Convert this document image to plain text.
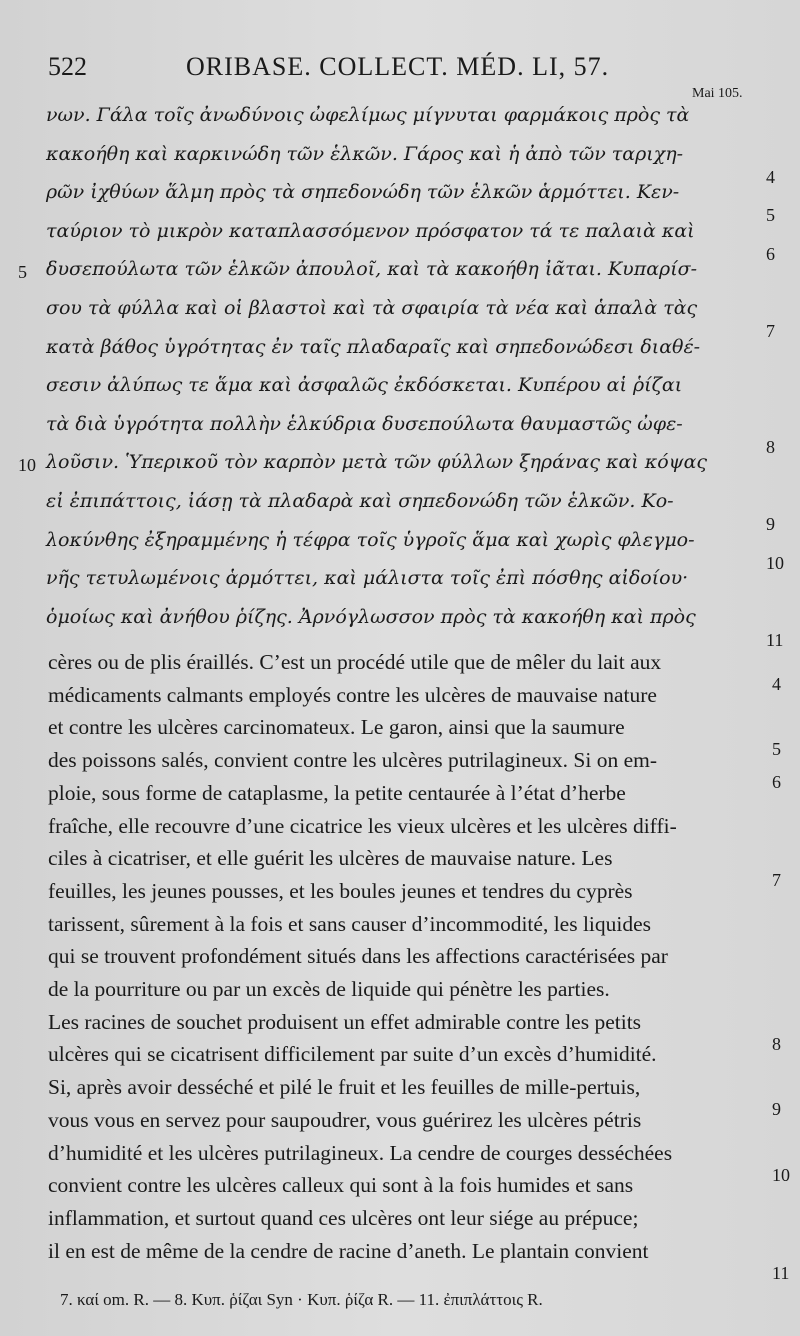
522	ORIBASE. COLLECT. MÉD. LI, 57.
Mai 105.
νων. Γάλα τοῖς ἀνωδύνοις ὠφελίμως μίγνυται φαρμάκοις πρὸς τὰ
κακοήθη καὶ καρκινώδη τῶν ἑλκῶν. Γάρος καὶ ἡ ἀπὸ τῶν ταριχη-
ρῶν ἰχθύων ἅλμη πρὸς τὰ σηπεδονώδη τῶν ἑλκῶν ἁρμόττει. Κεν-
ταύριον τὸ μικρὸν καταπλασσόμενον πρόσφατον τά τε παλαιὰ καὶ
δυσεπούλωτα τῶν ἑλκῶν ἀπουλοῖ, καὶ τὰ κακοήθη ἰᾶται. Κυπαρίσ-
σου τὰ φύλλα καὶ οἱ βλαστοὶ καὶ τὰ σφαιρία τὰ νέα καὶ ἁπαλὰ τὰς
κατὰ βάθος ὑγρότητας ἐν ταῖς πλαδαραῖς καὶ σηπεδονώδεσι διαθέ-
σεσιν ἀλύπως τε ἅμα καὶ ἀσφαλῶς ἐκδόσκεται. Κυπέρου αἱ ῥίζαι
τὰ διὰ ὑγρότητα πολλὴν ἑλκύδρια δυσεπούλωτα θαυμαστῶς ὠφε-
λοῦσιν. Ὑπερικοῦ τὸν καρπὸν μετὰ τῶν φύλλων ξηράνας καὶ κόψας
εἰ ἐπιπάττοις, ἰάσῃ τὰ πλαδαρὰ καὶ σηπεδονώδη τῶν ἑλκῶν. Κο-
λοκύνθης ἐξηραμμένης ἡ τέφρα τοῖς ὑγροῖς ἅμα καὶ χωρὶς φλεγμο-
νῆς τετυλωμένοις ἁρμόττει, καὶ μάλιστα τοῖς ἐπὶ πόσθης αἰδοίου·
ὁμοίως καὶ ἀνήθου ῥίζης. Ἀρνόγλωσσον πρὸς τὰ κακοήθη καὶ πρὸς
5
10
4
5
6
7
8
9
10
11
cères ou de plis éraillés. C’est un procédé utile que de mêler du lait aux
médicaments calmants employés contre les ulcères de mauvaise nature
et contre les ulcères carcinomateux. Le garon, ainsi que la saumure
des poissons salés, convient contre les ulcères putrilagineux. Si on em-
ploie, sous forme de cataplasme, la petite centaurée à l’état d’herbe
fraîche, elle recouvre d’une cicatrice les vieux ulcères et les ulcères diffi-
ciles à cicatriser, et elle guérit les ulcères de mauvaise nature. Les
feuilles, les jeunes pousses, et les boules jeunes et tendres du cyprès
tarissent, sûrement à la fois et sans causer d’incommodité, les liquides
qui se trouvent profondément situés dans les affections caractérisées par
de la pourriture ou par un excès de liquide qui pénètre les parties.
Les racines de souchet produisent un effet admirable contre les petits
ulcères qui se cicatrisent difficilement par suite d’un excès d’humidité.
Si, après avoir desséché et pilé le fruit et les feuilles de mille-pertuis,
vous vous en servez pour saupoudrer, vous guérirez les ulcères pétris
d’humidité et les ulcères putrilagineux. La cendre de courges desséchées
convient contre les ulcères calleux qui sont à la fois humides et sans
inflammation, et surtout quand ces ulcères ont leur siége au prépuce;
il en est de même de la cendre de racine d’aneth. Le plantain convient
4
5
6
7
8
9
10
11
7. καί om. R. — 8. Κυπ. ῥίζαι Syn · Κυπ. ῥίζα R. — 11. ἐπιπλάττοις R.
